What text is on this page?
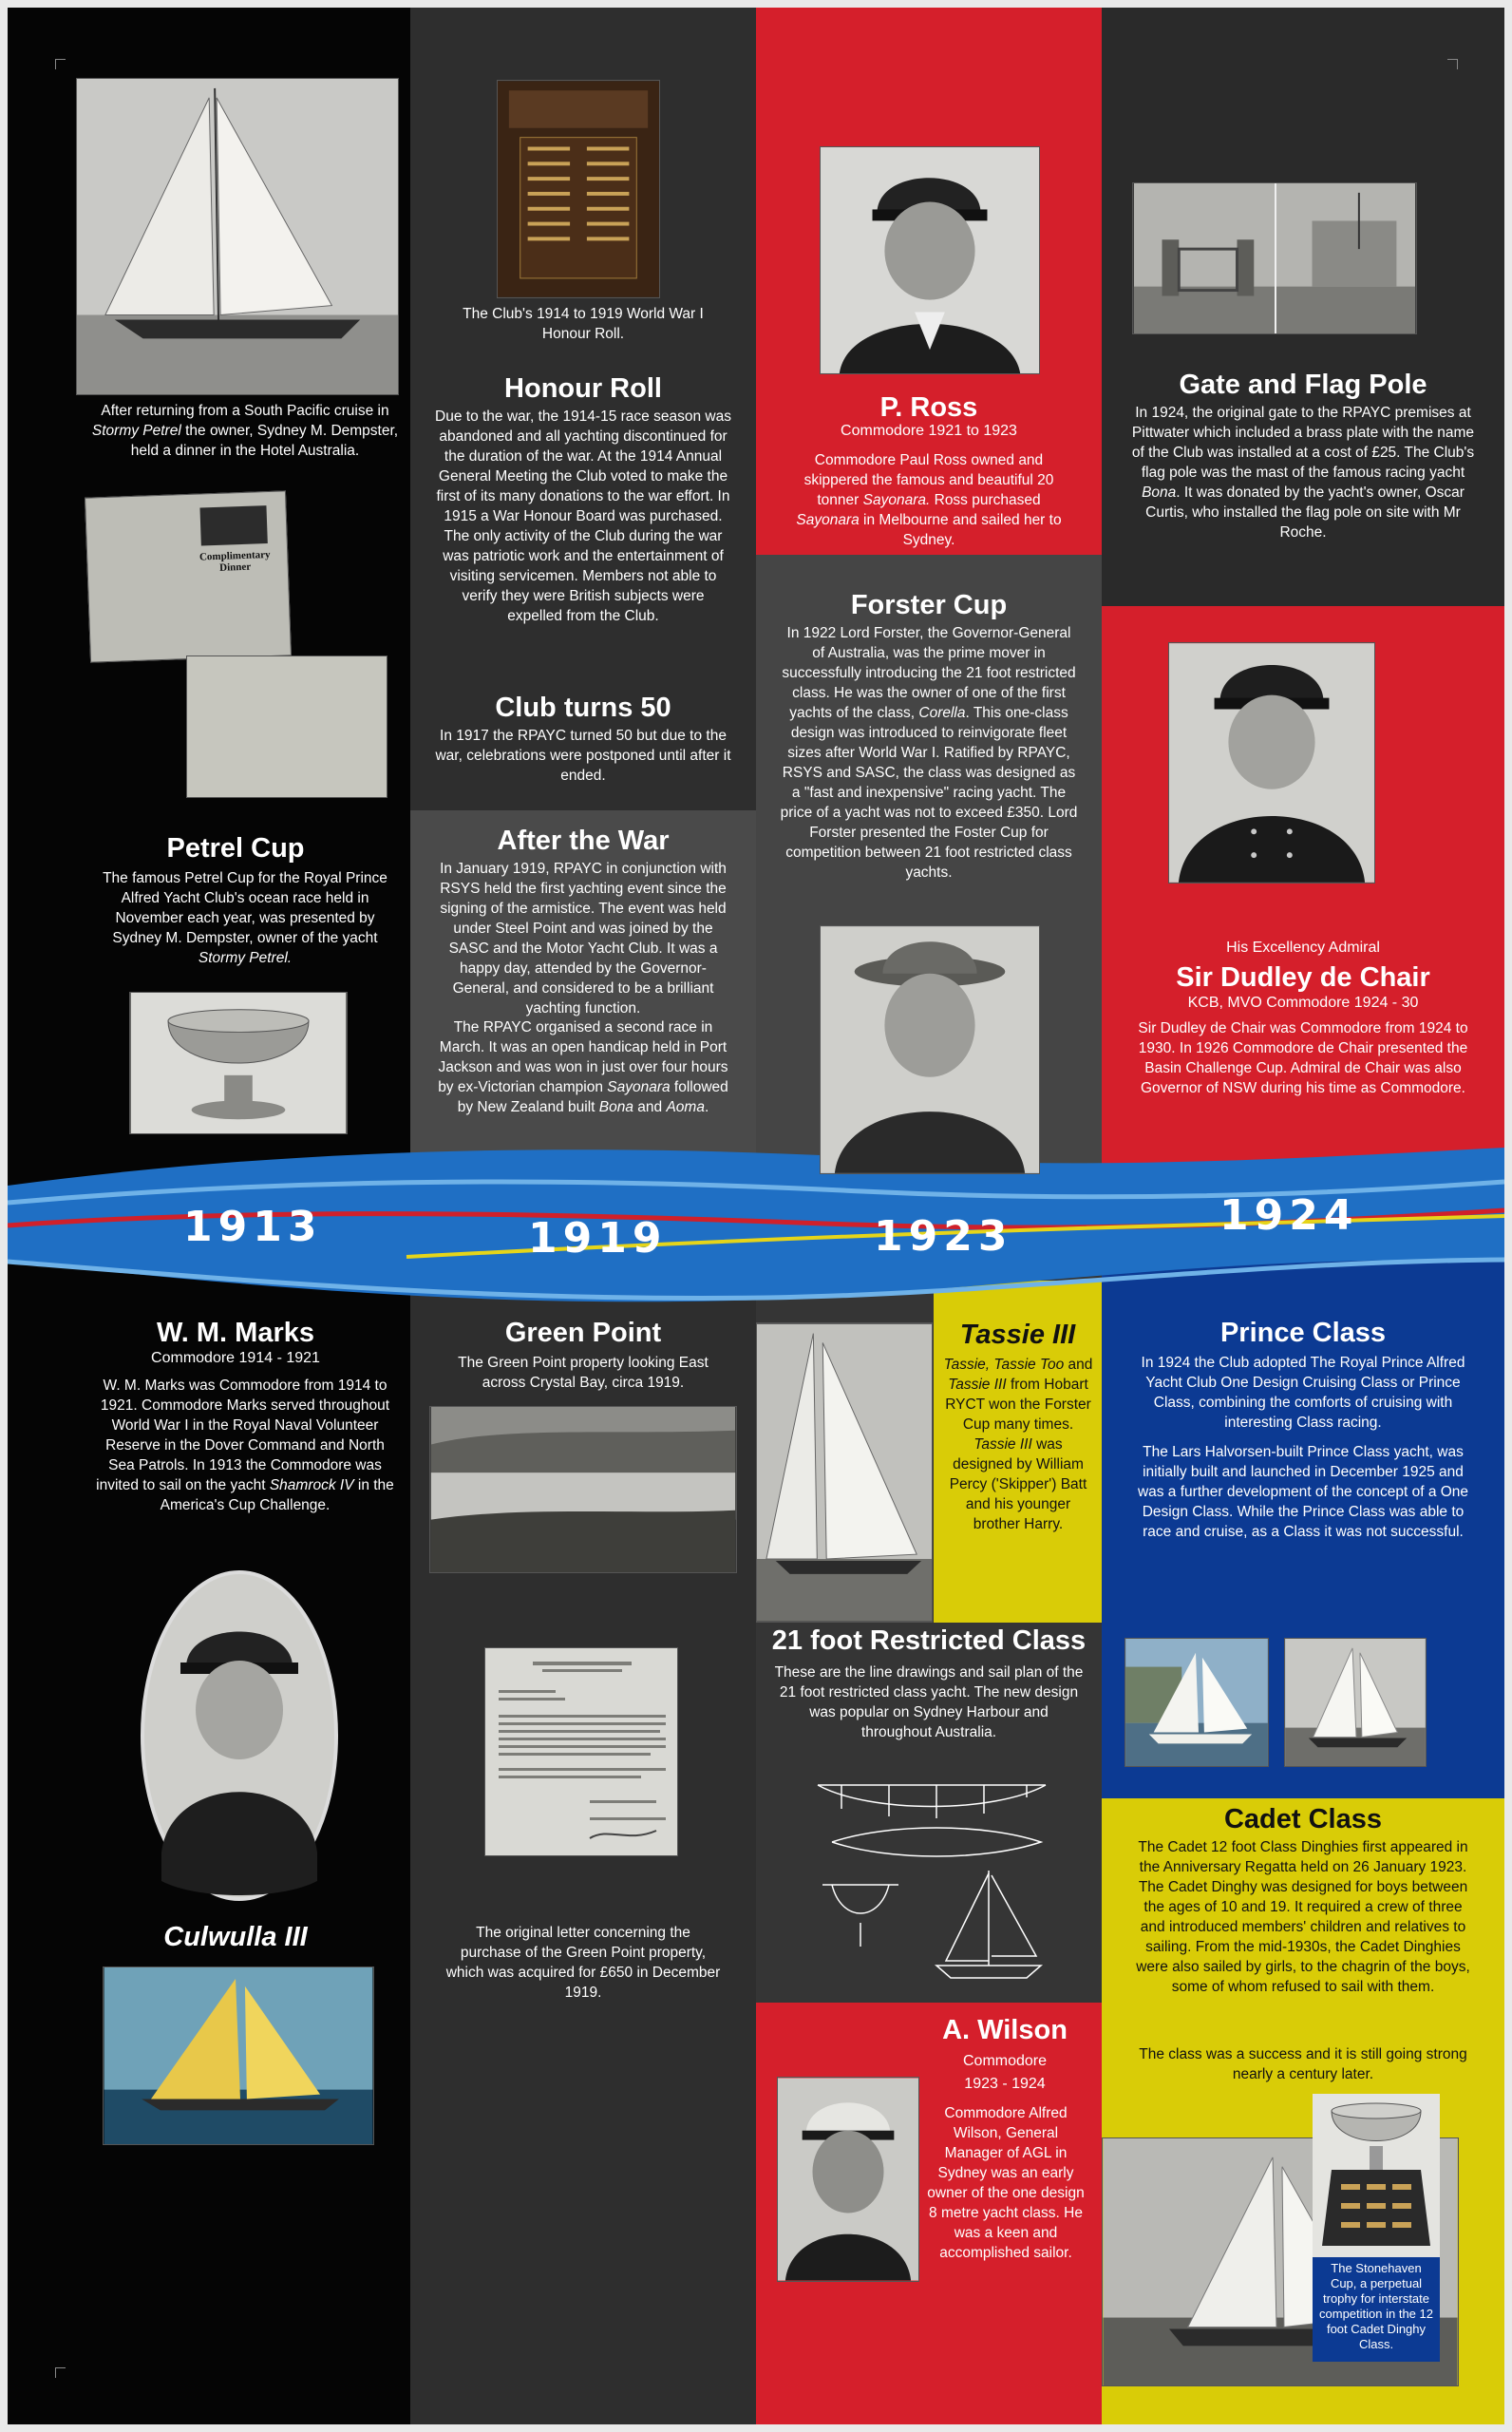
1913	1919	1923	1924
After returning from a South Pacific cruise in Stormy Petrel the owner, Sydney M. Dempster, held a dinner in the Hotel Australia.
Complimentary Dinner
Petrel Cup
The famous Petrel Cup for the Royal Prince Alfred Yacht Club's ocean race held in November each year, was presented by Sydney M. Dempster, owner of the yacht Stormy Petrel.
The Club's 1914 to 1919 World War I Honour Roll.
Honour Roll
Due to the war, the 1914-15 race season was abandoned and all yachting discontinued for the duration of the war. At the 1914 Annual General Meeting the Club voted to make the first of its many donations to the war effort. In 1915 a War Honour Board was purchased. The only activity of the Club during the war was patriotic work and the entertainment of visiting servicemen. Members not able to verify they were British subjects were expelled from the Club.
Club turns 50
In 1917 the RPAYC turned 50 but due to the war, celebrations were postponed until after it ended.
After the War
In January 1919, RPAYC in conjunction with RSYS held the first yachting event since the signing of the armistice. The event was held under Steel Point and was joined by the SASC and the Motor Yacht Club. It was a happy day, attended by the Governor-General, and considered to be a brilliant yachting function.
The RPAYC organised a second race in March. It was an open handicap held in Port Jackson and was won in just over four hours by ex-Victorian champion Sayonara followed by New Zealand built Bona and Aoma.
P. Ross
Commodore 1921 to 1923
Commodore Paul Ross owned and skippered the famous and beautiful 20 tonner Sayonara. Ross purchased Sayonara in Melbourne and sailed her to Sydney.
Forster Cup
In 1922 Lord Forster, the Governor-General of Australia, was the prime mover in successfully introducing the 21 foot restricted class. He was the owner of one of the first yachts of the class, Corella. This one-class design was introduced to reinvigorate fleet sizes after World War I. Ratified by RPAYC, RSYS and SASC, the class was designed as a "fast and inexpensive" racing yacht. The price of a yacht was not to exceed £350. Lord Forster presented the Foster Cup for competition between 21 foot restricted class yachts.
Gate and Flag Pole
In 1924, the original gate to the RPAYC premises at Pittwater which included a brass plate with the name of the Club was installed at a cost of £25. The Club's flag pole was the mast of the famous racing yacht Bona. It was donated by the yacht's owner, Oscar Curtis, who installed the flag pole on site with Mr Roche.
His Excellency Admiral
Sir Dudley de Chair
KCB, MVO Commodore 1924 - 30
Sir Dudley de Chair was Commodore from 1924 to 1930. In 1926 Commodore de Chair presented the Basin Challenge Cup. Admiral de Chair was also Governor of NSW during his time as Commodore.
W. M. Marks
Commodore 1914 - 1921
W. M. Marks was Commodore from 1914 to 1921. Commodore Marks served throughout World War I in the Royal Naval Volunteer Reserve in the Dover Command and North Sea Patrols. In 1913 the Commodore was invited to sail on the yacht Shamrock IV in the America's Cup Challenge.
Culwulla III
Green Point
The Green Point property looking East across Crystal Bay, circa 1919.
The original letter concerning the purchase of the Green Point property, which was acquired for £650 in December 1919.
Tassie III
Tassie, Tassie Too and Tassie III from Hobart RYCT won the Forster Cup many times. Tassie III was designed by William Percy ('Skipper') Batt and his younger brother Harry.
21 foot Restricted Class
These are the line drawings and sail plan of the 21 foot restricted class yacht. The new design was popular on Sydney Harbour and throughout Australia.
A. Wilson
Commodore
1923 - 1924
Commodore Alfred Wilson, General Manager of AGL in Sydney was an early owner of the one design 8 metre yacht class. He was a keen and accomplished sailor.
Prince Class
In 1924 the Club adopted The Royal Prince Alfred Yacht Club One Design Cruising Class or Prince Class, combining the comforts of cruising with interesting Class racing.
The Lars Halvorsen-built Prince Class yacht, was initially built and launched in December 1925 and was a further development of the concept of a One Design Class. While the Prince Class was able to race and cruise, as a Class it was not successful.
Cadet Class
The Cadet 12 foot Class Dinghies first appeared in the Anniversary Regatta held on 26 January 1923. The Cadet Dinghy was designed for boys between the ages of 10 and 19. It required a crew of three and introduced members' children and relatives to sailing. From the mid-1930s, the Cadet Dinghies were also sailed by girls, to the chagrin of the boys, some of whom refused to sail with them.
The class was a success and it is still going strong nearly a century later.
The Stonehaven Cup, a perpetual trophy for interstate competition in the 12 foot Cadet Dinghy Class.
